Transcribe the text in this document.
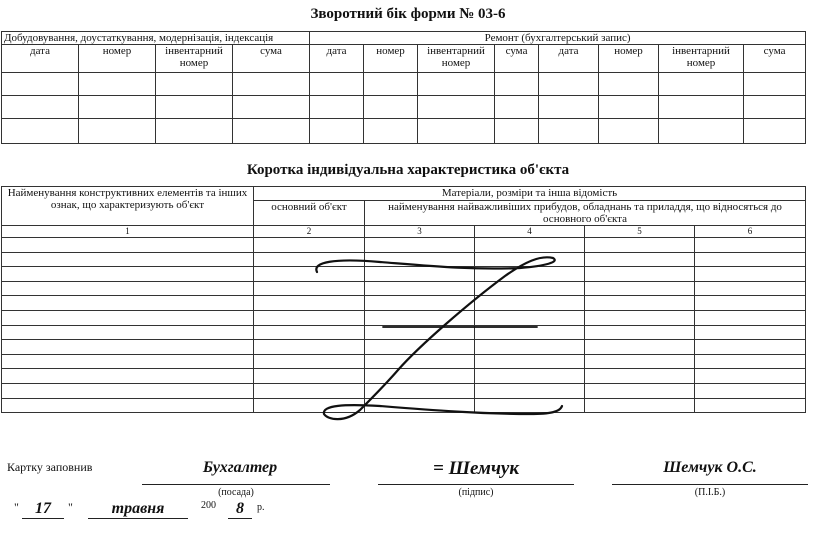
Зворотний бік форми № 03-6
Добудовування, доустаткування, модернізація, індексація				Ремонт (бухгалтерський запис)							
дата	номер	інвентарний номер	сума	дата	номер	інвентарний номер	сума	дата	номер	інвентарний номер	сума

Коротка індивідуальна характеристика об'єкта
Найменування конструктивних елементів та інших ознак, що характеризують об'єкт	Матеріали, розміри та інша відомість				
	основний об'єкт	найменування найважливіших прибудов, обладнань та приладдя, що відносяться до основного об'єкта			
1	2	3	4	5	6

Картку заповнив	Бухгалтер
(посада)
= Шемчук
(підпис)
Шемчук О.С.
(П.І.Б.)
"	17	"	травня	200	8	р.
